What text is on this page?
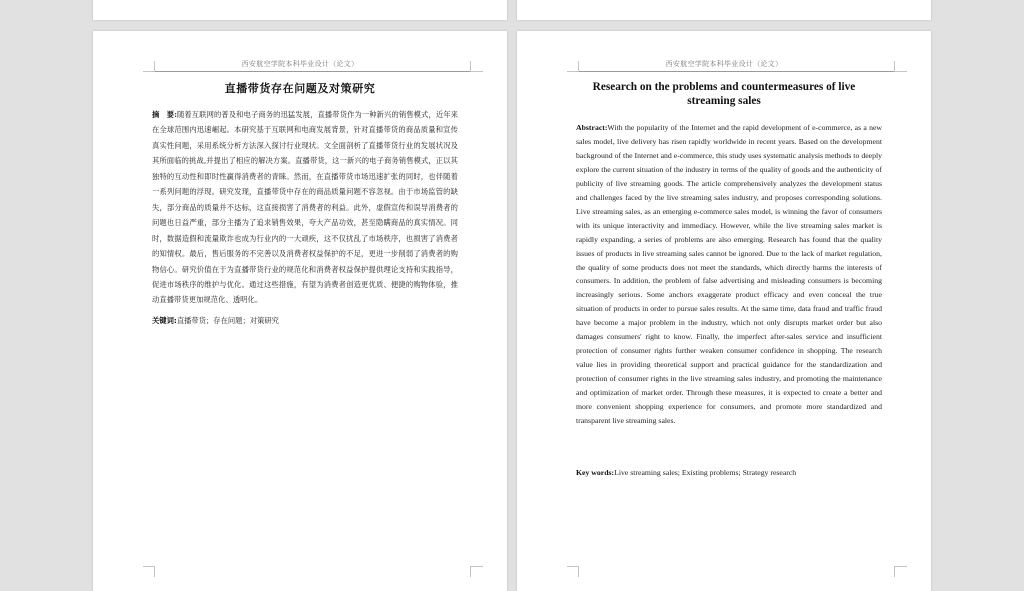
西安航空学院本科毕业设计（论文）
直播带货存在问题及对策研究
摘　要:随着互联网的普及和电子商务的迅猛发展，直播带货作为一种新兴的销售模式，近年来在全球范围内迅速崛起。本研究基于互联网和电商发展背景，针对直播带货的商品质量和宣传真实性问题，采用系统分析方法深入探讨行业现状。文全面剖析了直播带货行业的发展状况及其所面临的挑战,并提出了相应的解决方案。直播带货，这一新兴的电子商务销售模式，正以其独特的互动性和即时性赢得消费者的青睐。然而，在直播带货市场迅速扩张的同时，也伴随着一系列问题的浮现。研究发现，直播带货中存在的商品质量问题不容忽视。由于市场监管的缺失，部分商品的质量并不达标，这直接损害了消费者的利益。此外，虚假宣传和误导消费者的问题也日益严重，部分主播为了追求销售效果，夸大产品功效，甚至隐瞒商品的真实情况。同时，数据造假和流量欺诈也成为行业内的一大顽疾，这不仅扰乱了市场秩序，也损害了消费者的知情权。最后，售后服务的不完善以及消费者权益保护的不足，更进一步削弱了消费者的购物信心。研究价值在于为直播带货行业的规范化和消费者权益保护提供理论支持和实践指导，促进市场秩序的维护与优化。通过这些措施，有望为消费者创造更优质、便捷的购物体验，推动直播带货更加规范化、透明化。
关键词:直播带货；存在问题；对策研究
西安航空学院本科毕业设计（论文）
Research on the problems and countermeasures of live streaming sales
Abstract:With the popularity of the Internet and the rapid development of e-commerce, as a new sales model, live delivery has risen rapidly worldwide in recent years. Based on the development background of the Internet and e-commerce, this study uses systematic analysis methods to deeply explore the current situation of the industry in terms of the quality of goods and the authenticity of publicity of live streaming goods. The article comprehensively analyzes the development status and challenges faced by the live streaming sales industry, and proposes corresponding solutions. Live streaming sales, as an emerging e-commerce sales model, is winning the favor of consumers with its unique interactivity and immediacy. However, while the live streaming sales market is rapidly expanding, a series of problems are also emerging. Research has found that the quality issues of products in live streaming sales cannot be ignored. Due to the lack of market regulation, the quality of some products does not meet the standards, which directly harms the interests of consumers. In addition, the problem of false advertising and misleading consumers is becoming increasingly serious. Some anchors exaggerate product efficacy and even conceal the true situation of products in order to pursue sales results. At the same time, data fraud and traffic fraud have become a major problem in the industry, which not only disrupts market order but also damages consumers' right to know. Finally, the imperfect after-sales service and insufficient protection of consumer rights further weaken consumer confidence in shopping. The research value lies in providing theoretical support and practical guidance for the standardization and protection of consumer rights in the live streaming sales industry, and promoting the maintenance and optimization of market order. Through these measures, it is expected to create a better and more convenient shopping experience for consumers, and promote more standardized and transparent live streaming sales.
Key words:Live streaming sales; Existing problems; Strategy research
